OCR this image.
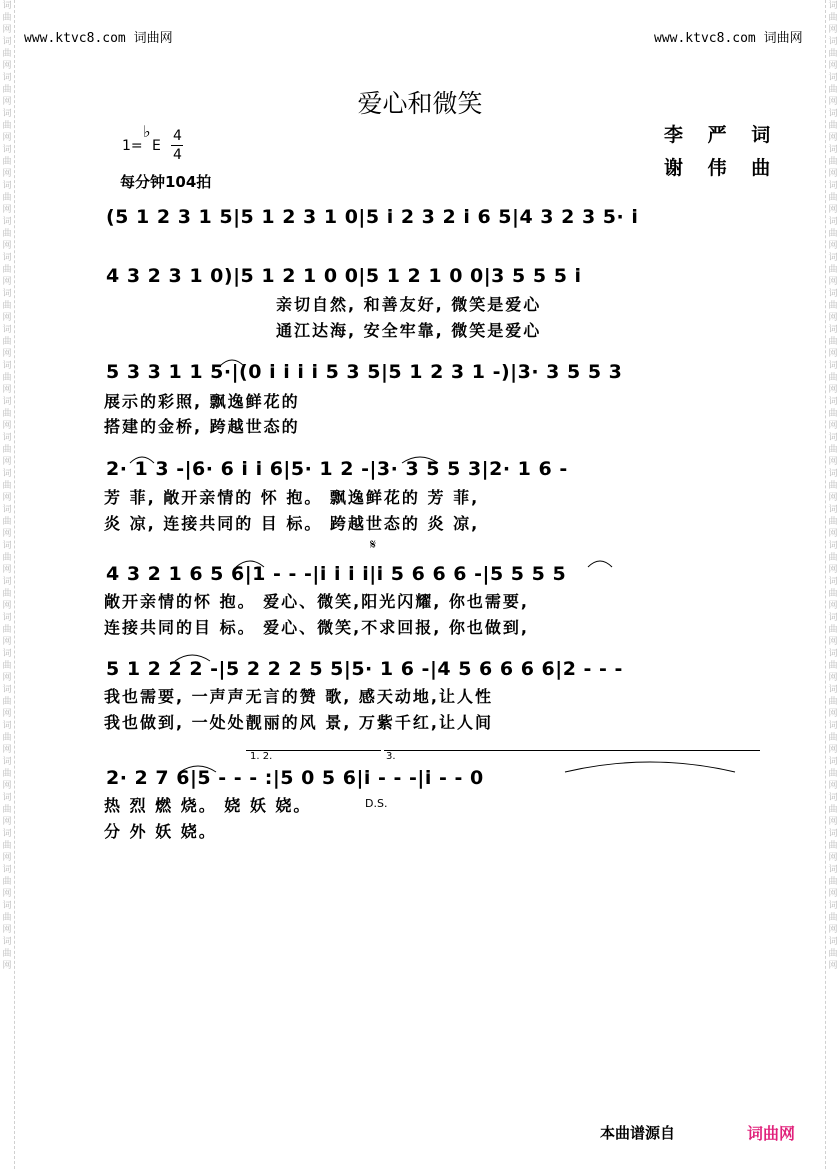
词曲网词曲网词曲网词曲网词曲网词曲网词曲网词曲网词曲网词曲网词曲网词曲网词曲网词曲网词曲网词曲网词曲网词曲网词曲网词曲网词曲网词曲网词曲网词曲网词曲网词曲网词曲网
词曲网词曲网词曲网词曲网词曲网词曲网词曲网词曲网词曲网词曲网词曲网词曲网词曲网词曲网词曲网词曲网词曲网词曲网词曲网词曲网词曲网词曲网词曲网词曲网词曲网词曲网词曲网
www.ktvc8.com 词曲网	www.ktvc8.com 词曲网
爱心和微笑
李 严 词
谢 伟 曲
1=
♭
E
4
4
每分钟104拍
(5 1 2 3 1 5|5 1 2 3 1 0|5 i 2 3 2 i 6 5|4 3 2 3 5· i
4 3 2 3 1 0)|5 1 2 1 0 0|5 1 2 1 0 0|3 5 5 5 i
亲切自然, 和善友好, 微笑是爱心
通江达海, 安全牢靠, 微笑是爱心
5 3 3 1 1 5·|(0 i i i i 5 3 5|5 1 2 3 1 -)|3· 3 5 5 3
展示的彩照, 飘逸鲜花的
搭建的金桥, 跨越世态的
2· 1 3 -|6· 6 i i 6|5· 1 2 -|3· 3 5 5 3|2· 1 6 -
芳 菲, 敞开亲情的 怀 抱。 飘逸鲜花的 芳 菲,
炎 凉, 连接共同的 目 标。 跨越世态的 炎 凉,
𝄋
4 3 2 1 6 5 6|1 - - -|i i i i|i 5 6 6 6 -|5 5 5 5
敞开亲情的怀 抱。 爱心、微笑,阳光闪耀, 你也需要,
连接共同的目 标。 爱心、微笑,不求回报, 你也做到,
5 1 2 2 2 -|5 2 2 2 5 5|5· 1 6 -|4 5 6 6 6 6|2 - - -
我也需要, 一声声无言的赞 歌, 感天动地,让人性
我也做到, 一处处靓丽的风 景, 万紫千红,让人间
1. 2.	3.
2· 2 7 6|5 - - - :|5 0 5 6|i - - -|i - - 0
D.S.
热 烈 燃 烧。 娆 妖 娆。
分 外 妖 娆。
本曲谱源自	词曲网
